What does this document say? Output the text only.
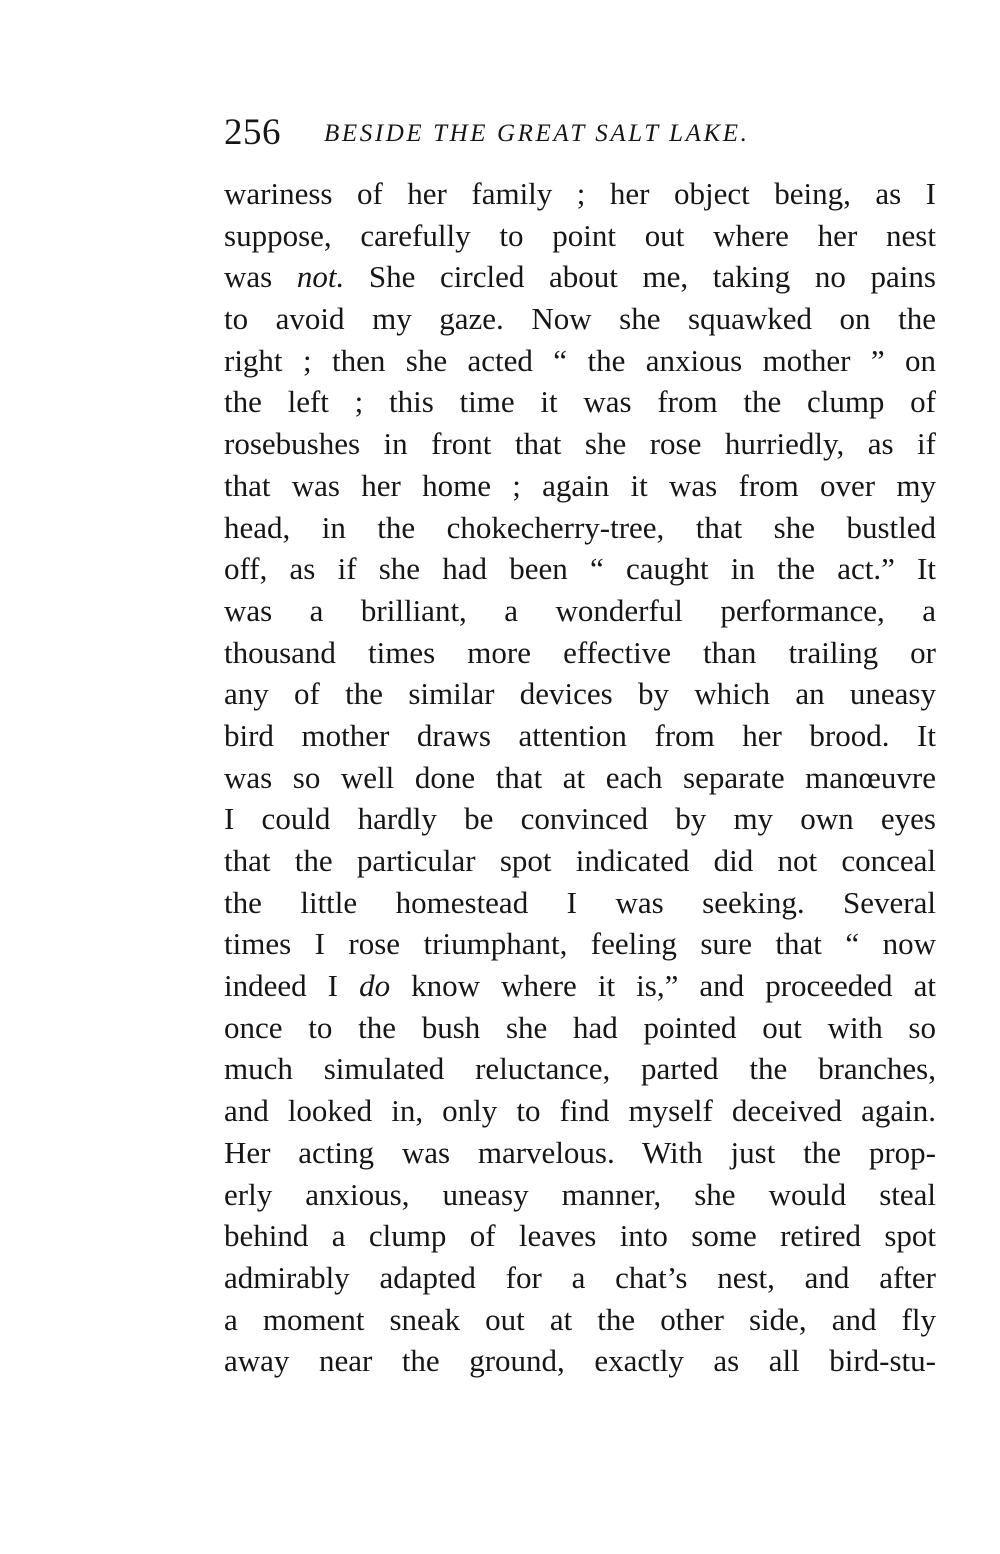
256 BESIDE THE GREAT SALT LAKE.
wariness of her family ; her object being, as I
suppose, carefully to point out where her nest
was not. She circled about me, taking no pains
to avoid my gaze. Now she squawked on the
right ; then she acted “ the anxious mother ” on
the left ; this time it was from the clump of
rosebushes in front that she rose hurriedly, as if
that was her home ; again it was from over my
head, in the chokecherry-tree, that she bustled
off, as if she had been “ caught in the act.” It
was a brilliant, a wonderful performance, a
thousand times more effective than trailing or
any of the similar devices by which an uneasy
bird mother draws attention from her brood. It
was so well done that at each separate manœuvre
I could hardly be convinced by my own eyes
that the particular spot indicated did not conceal
the little homestead I was seeking. Several
times I rose triumphant, feeling sure that “ now
indeed I do know where it is,” and proceeded at
once to the bush she had pointed out with so
much simulated reluctance, parted the branches,
and looked in, only to find myself deceived again.
Her acting was marvelous. With just the prop-
erly anxious, uneasy manner, she would steal
behind a clump of leaves into some retired spot
admirably adapted for a chat’s nest, and after
a moment sneak out at the other side, and fly
away near the ground, exactly as all bird-stu-
